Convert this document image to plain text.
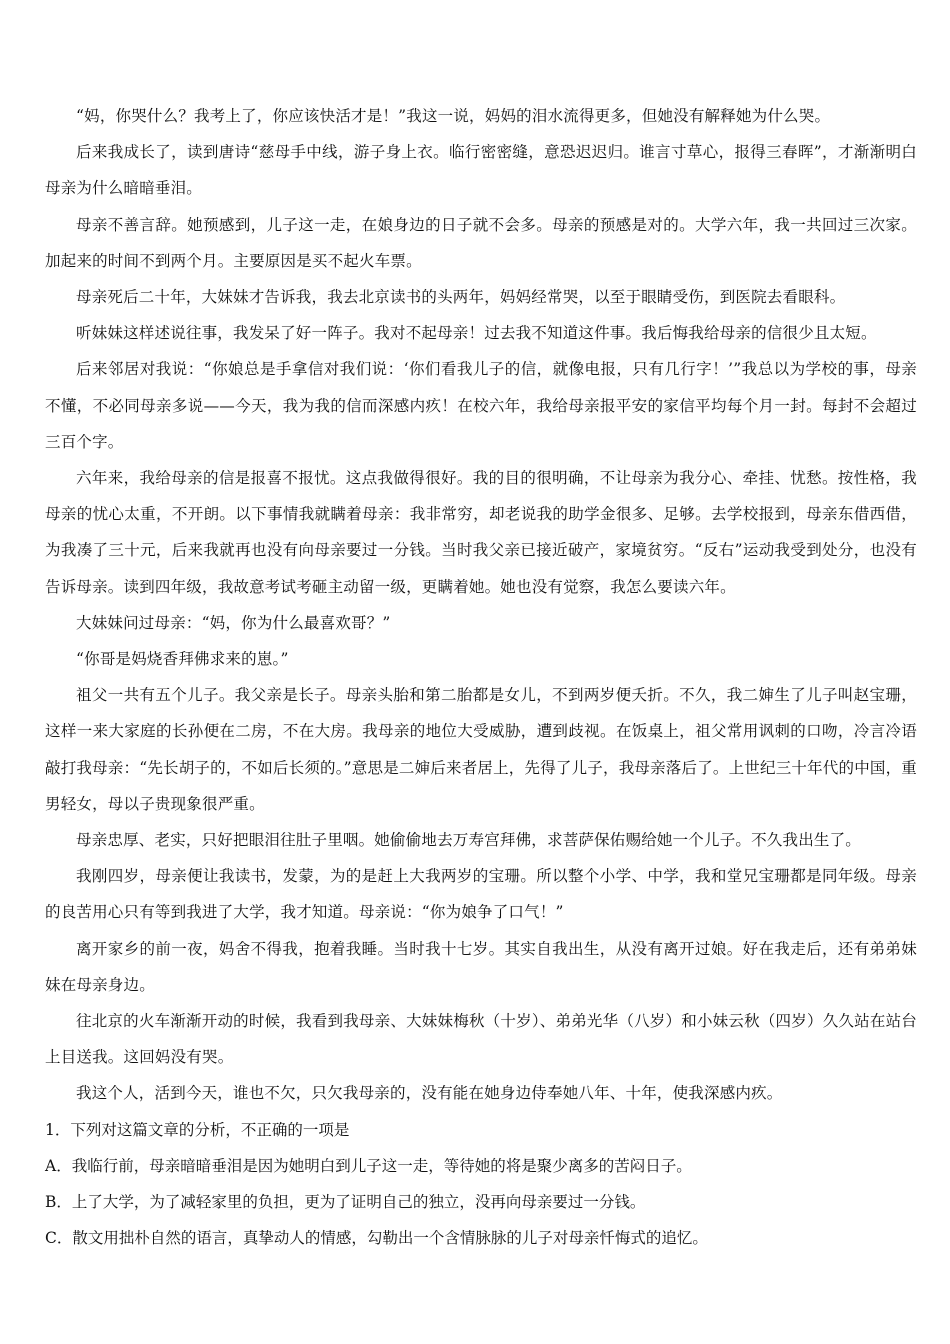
“妈，你哭什么？我考上了，你应该快活才是！”我这一说，妈妈的泪水流得更多，但她没有解释她为什么哭。

后来我成长了，读到唐诗“慈母手中线，游子身上衣。临行密密缝，意恐迟迟归。谁言寸草心，报得三春晖”，才渐渐明白母亲为什么暗暗垂泪。

母亲不善言辞。她预感到，儿子这一走，在娘身边的日子就不会多。母亲的预感是对的。大学六年，我一共回过三次家。加起来的时间不到两个月。主要原因是买不起火车票。

母亲死后二十年，大妹妹才告诉我，我去北京读书的头两年，妈妈经常哭，以至于眼睛受伤，到医院去看眼科。

听妹妹这样述说往事，我发呆了好一阵子。我对不起母亲！过去我不知道这件事。我后悔我给母亲的信很少且太短。

后来邻居对我说：“你娘总是手拿信对我们说：‘你们看我儿子的信，就像电报，只有几行字！’”我总以为学校的事，母亲不懂，不必同母亲多说——今天，我为我的信而深感内疚！在校六年，我给母亲报平安的家信平均每个月一封。每封不会超过三百个字。

六年来，我给母亲的信是报喜不报忧。这点我做得很好。我的目的很明确，不让母亲为我分心、牵挂、忧愁。按性格，我母亲的忧心太重，不开朗。以下事情我就瞒着母亲：我非常穷，却老说我的助学金很多、足够。去学校报到，母亲东借西借，为我凑了三十元，后来我就再也没有向母亲要过一分钱。当时我父亲已接近破产，家境贫穷。“反右”运动我受到处分，也没有告诉母亲。读到四年级，我故意考试考砸主动留一级，更瞒着她。她也没有觉察，我怎么要读六年。

大妹妹问过母亲：“妈，你为什么最喜欢哥？”

“你哥是妈烧香拜佛求来的崽。”

祖父一共有五个儿子。我父亲是长子。母亲头胎和第二胎都是女儿，不到两岁便夭折。不久，我二婶生了儿子叫赵宝珊，这样一来大家庭的长孙便在二房，不在大房。我母亲的地位大受威胁，遭到歧视。在饭桌上，祖父常用讽刺的口吻，冷言冷语敲打我母亲：“先长胡子的，不如后长须的。”意思是二婶后来者居上，先得了儿子，我母亲落后了。上世纪三十年代的中国，重男轻女，母以子贵现象很严重。

母亲忠厚、老实，只好把眼泪往肚子里咽。她偷偷地去万寿宫拜佛，求菩萨保佑赐给她一个儿子。不久我出生了。

我刚四岁，母亲便让我读书，发蒙，为的是赶上大我两岁的宝珊。所以整个小学、中学，我和堂兄宝珊都是同年级。母亲的良苦用心只有等到我进了大学，我才知道。母亲说：“你为娘争了口气！”

离开家乡的前一夜，妈舍不得我，抱着我睡。当时我十七岁。其实自我出生，从没有离开过娘。好在我走后，还有弟弟妹妹在母亲身边。

往北京的火车渐渐开动的时候，我看到我母亲、大妹妹梅秋（十岁）、弟弟光华（八岁）和小妹云秋（四岁）久久站在站台上目送我。这回妈没有哭。

我这个人，活到今天，谁也不欠，只欠我母亲的，没有能在她身边侍奉她八年、十年，使我深感内疚。

1．下列对这篇文章的分析，不正确的一项是

A．我临行前，母亲暗暗垂泪是因为她明白到儿子这一走，等待她的将是聚少离多的苦闷日子。

B．上了大学，为了减轻家里的负担，更为了证明自己的独立，没再向母亲要过一分钱。

C．散文用拙朴自然的语言，真挚动人的情感，勾勒出一个含情脉脉的儿子对母亲忏悔式的追忆。
